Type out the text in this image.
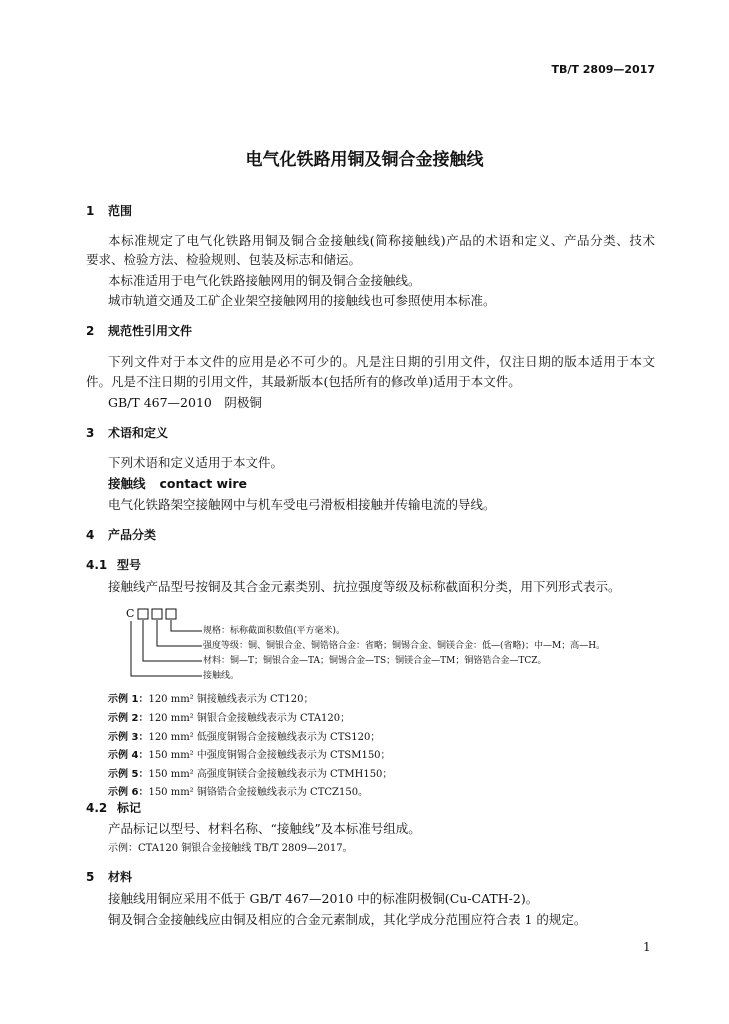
TB/T 2809—2017
电气化铁路用铜及铜合金接触线
1 范围
本标准规定了电气化铁路用铜及铜合金接触线(简称接触线)产品的术语和定义、产品分类、技术
要求、检验方法、检验规则、包装及标志和储运。
本标准适用于电气化铁路接触网用的铜及铜合金接触线。
城市轨道交通及工矿企业架空接触网用的接触线也可参照使用本标准。
2 规范性引用文件
下列文件对于本文件的应用是必不可少的。凡是注日期的引用文件，仅注日期的版本适用于本文
件。凡是不注日期的引用文件，其最新版本(包括所有的修改单)适用于本文件。
GB/T 467—2010　阴极铜
3 术语和定义
下列术语和定义适用于本文件。
接触线 contact wire
电气化铁路架空接触网中与机车受电弓滑板相接触并传输电流的导线。
4 产品分类
4.1 型号
接触线产品型号按铜及其合金元素类别、抗拉强度等级及标称截面积分类，用下列形式表示。
C
规格：标称截面积数值(平方毫米)。
强度等级：铜、铜银合金、铜锆铬合金：省略；铜锡合金、铜镁合金：低—(省略)；中—M；高—H。
材料：铜—T；铜银合金—TA；铜锡合金—TS；铜镁合金—TM；铜铬锆合金—TCZ。
接触线。
示例 1：120 mm² 铜接触线表示为 CT120；
示例 2：120 mm² 铜银合金接触线表示为 CTA120；
示例 3：120 mm² 低强度铜锡合金接触线表示为 CTS120；
示例 4：150 mm² 中强度铜锡合金接触线表示为 CTSM150；
示例 5：150 mm² 高强度铜镁合金接触线表示为 CTMH150；
示例 6：150 mm² 铜铬锆合金接触线表示为 CTCZ150。
4.2 标记
产品标记以型号、材料名称、“接触线”及本标准号组成。
示例：CTA120 铜银合金接触线 TB/T 2809—2017。
5 材料
接触线用铜应采用不低于 GB/T 467—2010 中的标准阴极铜(Cu-CATH-2)。
铜及铜合金接触线应由铜及相应的合金元素制成，其化学成分范围应符合表 1 的规定。
1
